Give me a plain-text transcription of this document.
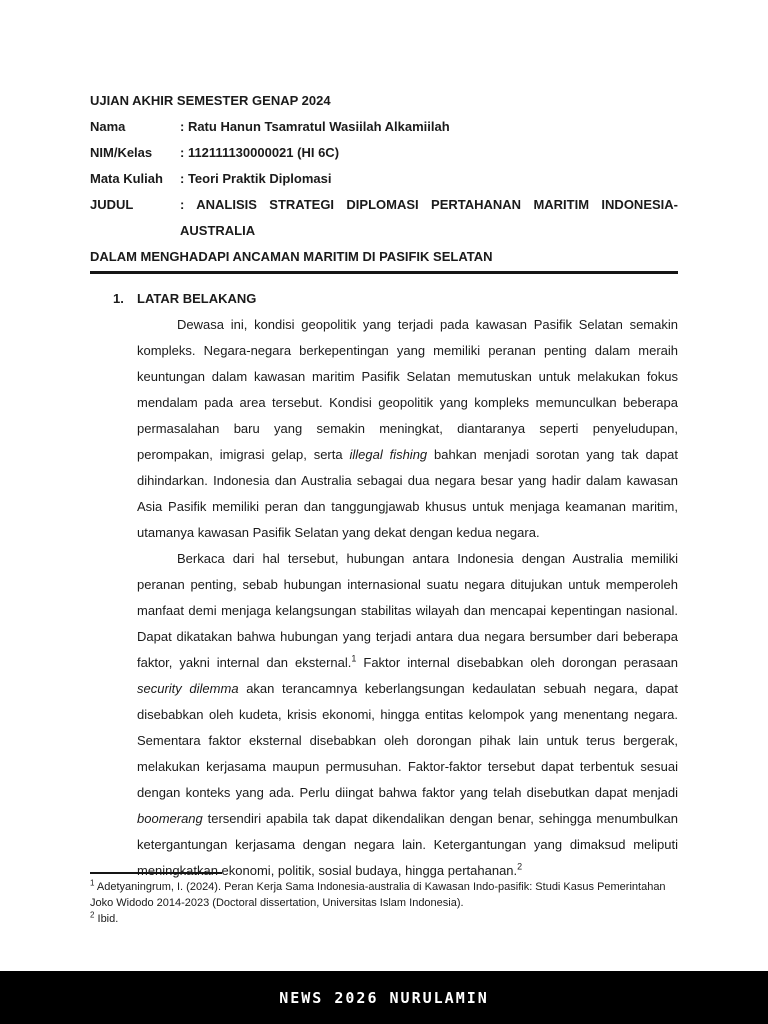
UJIAN AKHIR SEMESTER GENAP 2024
Nama	: Ratu Hanun Tsamratul Wasiilah Alkamiilah
NIM/Kelas	: 112111130000021 (HI 6C)
Mata Kuliah	: Teori Praktik Diplomasi
JUDUL	: ANALISIS STRATEGI DIPLOMASI PERTAHANAN MARITIM INDONESIA-AUSTRALIA
DALAM MENGHADAPI ANCAMAN MARITIM DI PASIFIK SELATAN
1. LATAR BELAKANG

Dewasa ini, kondisi geopolitik yang terjadi pada kawasan Pasifik Selatan semakin kompleks. Negara-negara berkepentingan yang memiliki peranan penting dalam meraih keuntungan dalam kawasan maritim Pasifik Selatan memutuskan untuk melakukan fokus mendalam pada area tersebut. Kondisi geopolitik yang kompleks memunculkan beberapa permasalahan baru yang semakin meningkat, diantaranya seperti penyeludupan, perompakan, imigrasi gelap, serta illegal fishing bahkan menjadi sorotan yang tak dapat dihindarkan. Indonesia dan Australia sebagai dua negara besar yang hadir dalam kawasan Asia Pasifik memiliki peran dan tanggungjawab khusus untuk menjaga keamanan maritim, utamanya kawasan Pasifik Selatan yang dekat dengan kedua negara.

Berkaca dari hal tersebut, hubungan antara Indonesia dengan Australia memiliki peranan penting, sebab hubungan internasional suatu negara ditujukan untuk memperoleh manfaat demi menjaga kelangsungan stabilitas wilayah dan mencapai kepentingan nasional. Dapat dikatakan bahwa hubungan yang terjadi antara dua negara bersumber dari beberapa faktor, yakni internal dan eksternal.$^1$ Faktor internal disebabkan oleh dorongan perasaan security dilemma akan terancamnya keberlangsungan kedaulatan sebuah negara, dapat disebabkan oleh kudeta, krisis ekonomi, hingga entitas kelompok yang menentang negara. Sementara faktor eksternal disebabkan oleh dorongan pihak lain untuk terus bergerak, melakukan kerjasama maupun permusuhan. Faktor-faktor tersebut dapat terbentuk sesuai dengan konteks yang ada. Perlu diingat bahwa faktor yang telah disebutkan dapat menjadi boomerang tersendiri apabila tak dapat dikendalikan dengan benar, sehingga menumbulkan ketergantungan kerjasama dengan negara lain. Ketergantungan yang dimaksud meliputi meningkatkan ekonomi, politik, sosial budaya, hingga pertahanan.$^2$

$^1$ Adetyaningrum, I. (2024). Peran Kerja Sama Indonesia-australia di Kawasan Indo-pasifik: Studi Kasus Pemerintahan Joko Widodo 2014-2023 (Doctoral dissertation, Universitas Islam Indonesia).
$^2$ Ibid.
NEWS 2026 NURULAMIN
